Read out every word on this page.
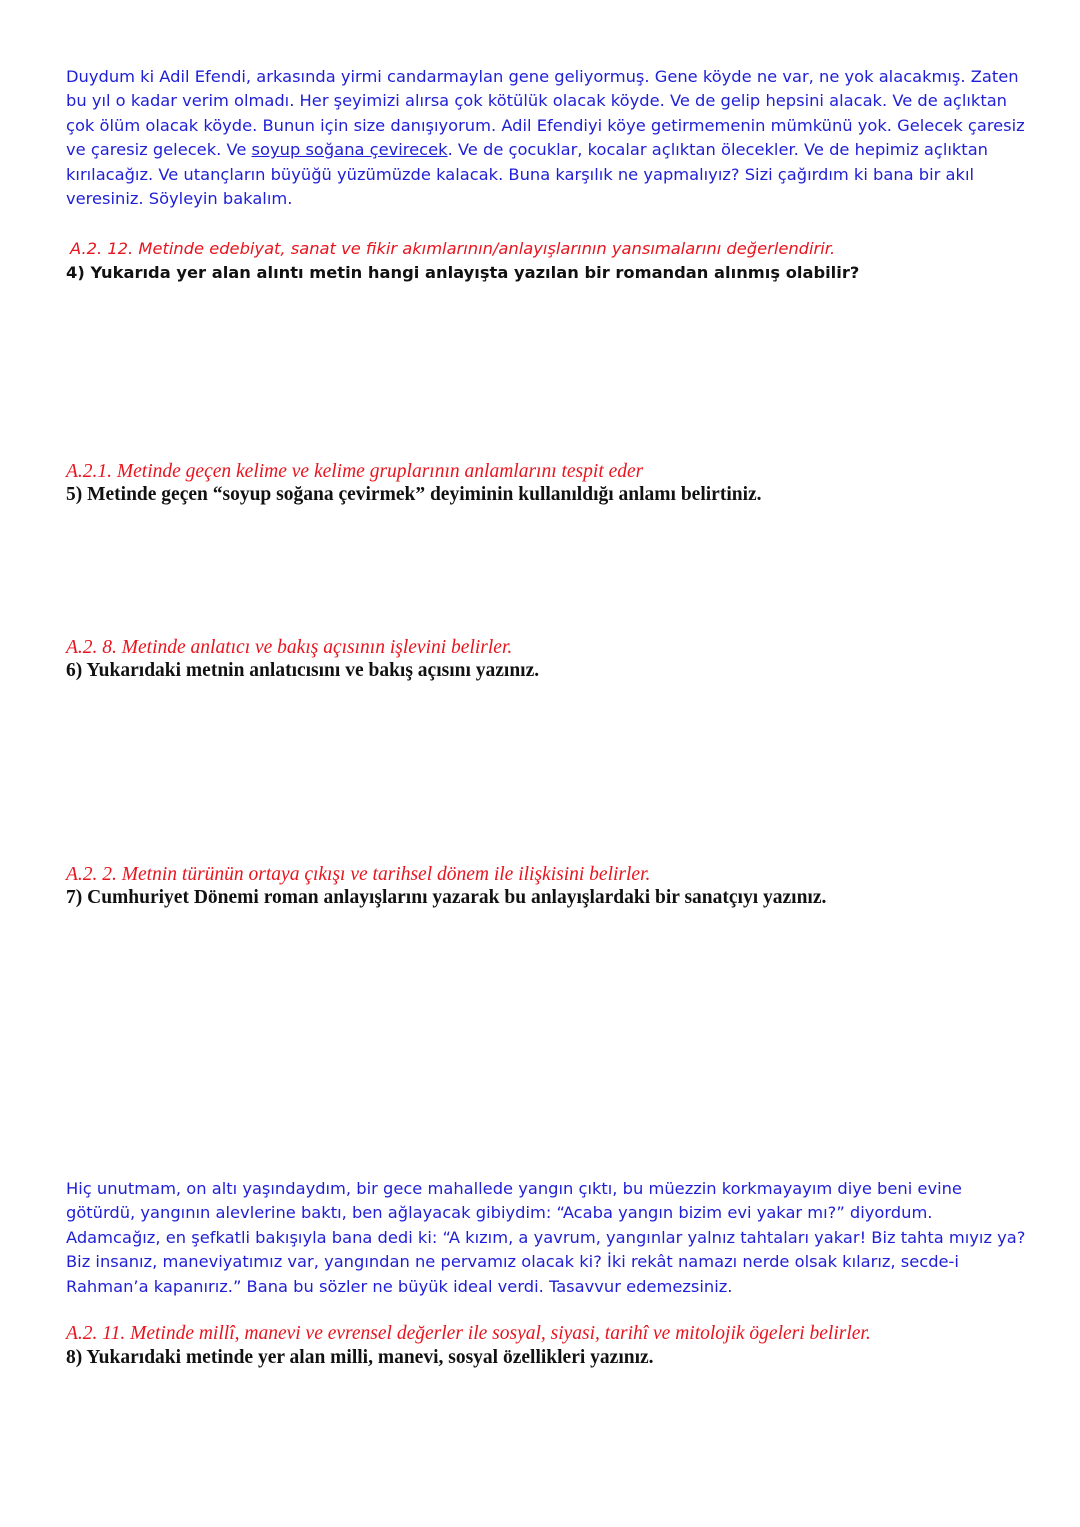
Duydum ki Adil Efendi, arkasında yirmi candarmaylan gene geliyormuş. Gene köyde ne var, ne yok alacakmış. Zaten bu yıl o kadar verim olmadı. Her şeyimizi alırsa çok kötülük olacak köyde. Ve de gelip hepsini alacak. Ve de açlıktan çok ölüm olacak köyde. Bunun için size danışıyorum. Adil Efendiyi köye getirmemenin mümkünü yok. Gelecek çaresiz ve çaresiz gelecek. Ve soyup soğana çevirecek. Ve de çocuklar, kocalar açlıktan ölecekler. Ve de hepimiz açlıktan kırılacağız. Ve utançların büyüğü yüzümüzde kalacak. Buna karşılık ne yapmalıyız? Sizi çağırdım ki bana bir akıl veresiniz. Söyleyin bakalım.

A.2. 12. Metinde edebiyat, sanat ve fikir akımlarının/anlayışlarının yansımalarını değerlendirir.

4) Yukarıda yer alan alıntı metin hangi anlayışta yazılan bir romandan alınmış olabilir?

A.2.1. Metinde geçen kelime ve kelime gruplarının anlamlarını tespit eder

5) Metinde geçen “soyup soğana çevirmek” deyiminin kullanıldığı anlamı belirtiniz.

A.2. 8. Metinde anlatıcı ve bakış açısının işlevini belirler.

6) Yukarıdaki metnin anlatıcısını ve bakış açısını yazınız.

A.2. 2. Metnin türünün ortaya çıkışı ve tarihsel dönem ile ilişkisini belirler.

7) Cumhuriyet Dönemi roman anlayışlarını yazarak bu anlayışlardaki bir sanatçıyı yazınız.

Hiç unutmam, on altı yaşındaydım, bir gece mahallede yangın çıktı, bu müezzin korkmayayım diye beni evine götürdü, yangının alevlerine baktı, ben ağlayacak gibiydim: “Acaba yangın bizim evi yakar mı?” diyordum. Adamcağız, en şefkatli bakışıyla bana dedi ki: “A kızım, a yavrum, yangınlar yalnız tahtaları yakar! Biz tahta mıyız ya? Biz insanız, maneviyatımız var, yangından ne pervamız olacak ki? İki rekât namazı nerde olsak kılarız, secde-i Rahman’a kapanırız.” Bana bu sözler ne büyük ideal verdi. Tasavvur edemezsiniz.

A.2. 11. Metinde millî, manevi ve evrensel değerler ile sosyal, siyasi, tarihî ve mitolojik ögeleri belirler.

8) Yukarıdaki metinde yer alan milli, manevi, sosyal özellikleri yazınız.
